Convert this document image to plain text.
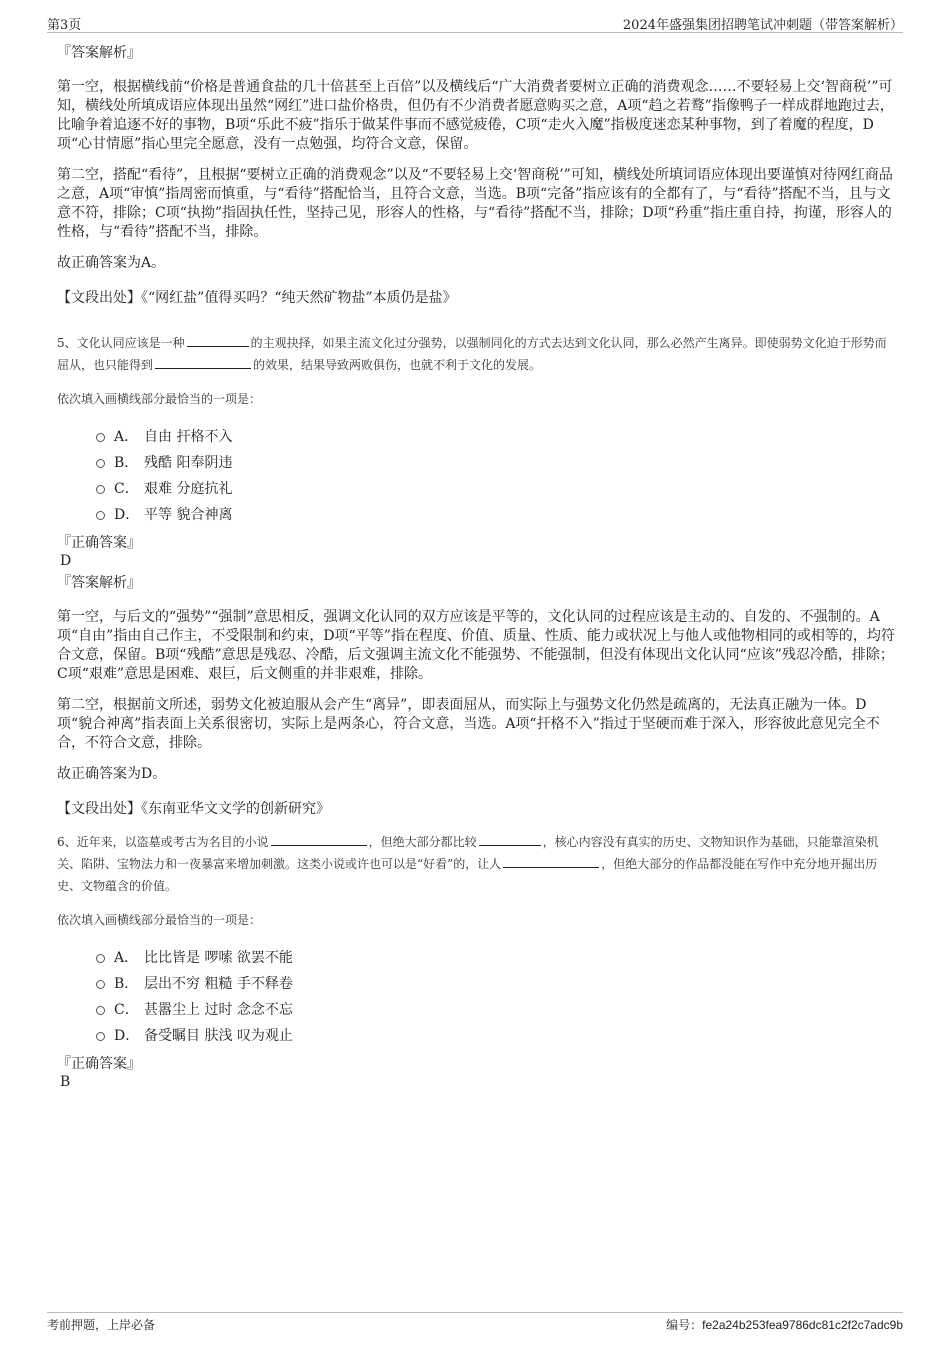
第3页	2024年盛强集团招聘笔试冲刺题（带答案解析）

『答案解析』

第一空，根据横线前“价格是普通食盐的几十倍甚至上百倍”以及横线后“广大消费者要树立正确的消费观念……不要轻易上交‘智商税’”可知，横线处所填成语应体现出虽然“网红”进口盐价格贵，但仍有不少消费者愿意购买之意，A项“趋之若鹜”指像鸭子一样成群地跑过去，比喻争着追逐不好的事物，B项“乐此不疲”指乐于做某件事而不感觉疲倦，C项“走火入魔”指极度迷恋某种事物，到了着魔的程度，D项“心甘情愿”指心里完全愿意，没有一点勉强，均符合文意，保留。

第二空，搭配“看待”，且根据“要树立正确的消费观念”以及“不要轻易上交‘智商税’”可知，横线处所填词语应体现出要谨慎对待网红商品之意，A项“审慎”指周密而慎重，与“看待”搭配恰当，且符合文意，当选。B项“完备”指应该有的全都有了，与“看待”搭配不当，且与文意不符，排除；C项“执拗”指固执任性，坚持己见，形容人的性格，与“看待”搭配不当，排除；D项“矜重”指庄重自持，拘谨，形容人的性格，与“看待”搭配不当，排除。

故正确答案为A。

【文段出处】《“网红盐”值得买吗？“纯天然矿物盐”本质仍是盐》

5、文化认同应该是一种	的主观抉择，如果主流文化过分强势，以强制同化的方式去达到文化认同，那么必然产生离异。即使弱势文化迫于形势而屈从，也只能得到	的效果，结果导致两败俱伤，也就不利于文化的发展。

依次填入画横线部分最恰当的一项是：

A． 自由 扞格不入
B． 残酷 阳奉阴违
C． 艰难 分庭抗礼
D． 平等 貌合神离

『正确答案』

D

『答案解析』

第一空，与后文的“强势”“强制”意思相反，强调文化认同的双方应该是平等的，文化认同的过程应该是主动的、自发的、不强制的。A项“自由”指由自己作主，不受限制和约束，D项“平等”指在程度、价值、质量、性质、能力或状况上与他人或他物相同的或相等的，均符合文意，保留。B项“残酷”意思是残忍、冷酷，后文强调主流文化不能强势、不能强制，但没有体现出文化认同“应该”残忍冷酷，排除；C项“艰难”意思是困难、艰巨，后文侧重的并非艰难，排除。

第二空，根据前文所述，弱势文化被迫服从会产生“离异”，即表面屈从，而实际上与强势文化仍然是疏离的，无法真正融为一体。D项“貌合神离”指表面上关系很密切，实际上是两条心，符合文意，当选。A项“扞格不入”指过于坚硬而难于深入，形容彼此意见完全不合，不符合文意，排除。

故正确答案为D。

【文段出处】《东南亚华文文学的创新研究》

6、近年来，以盗墓或考古为名目的小说	，但绝大部分都比较	，核心内容没有真实的历史、文物知识作为基础，只能靠渲染机关、陷阱、宝物法力和一夜暴富来增加刺激。这类小说或许也可以是“好看”的，让人	，但绝大部分的作品都没能在写作中充分地开掘出历史、文物蕴含的价值。

依次填入画横线部分最恰当的一项是：

A． 比比皆是 啰嗦 欲罢不能
B． 层出不穷 粗糙 手不释卷
C． 甚嚣尘上 过时 念念不忘
D． 备受瞩目 肤浅 叹为观止

『正确答案』

B

考前押题，上岸必备	编号：fe2a24b253fea9786dc81c2f2c7adc9b
